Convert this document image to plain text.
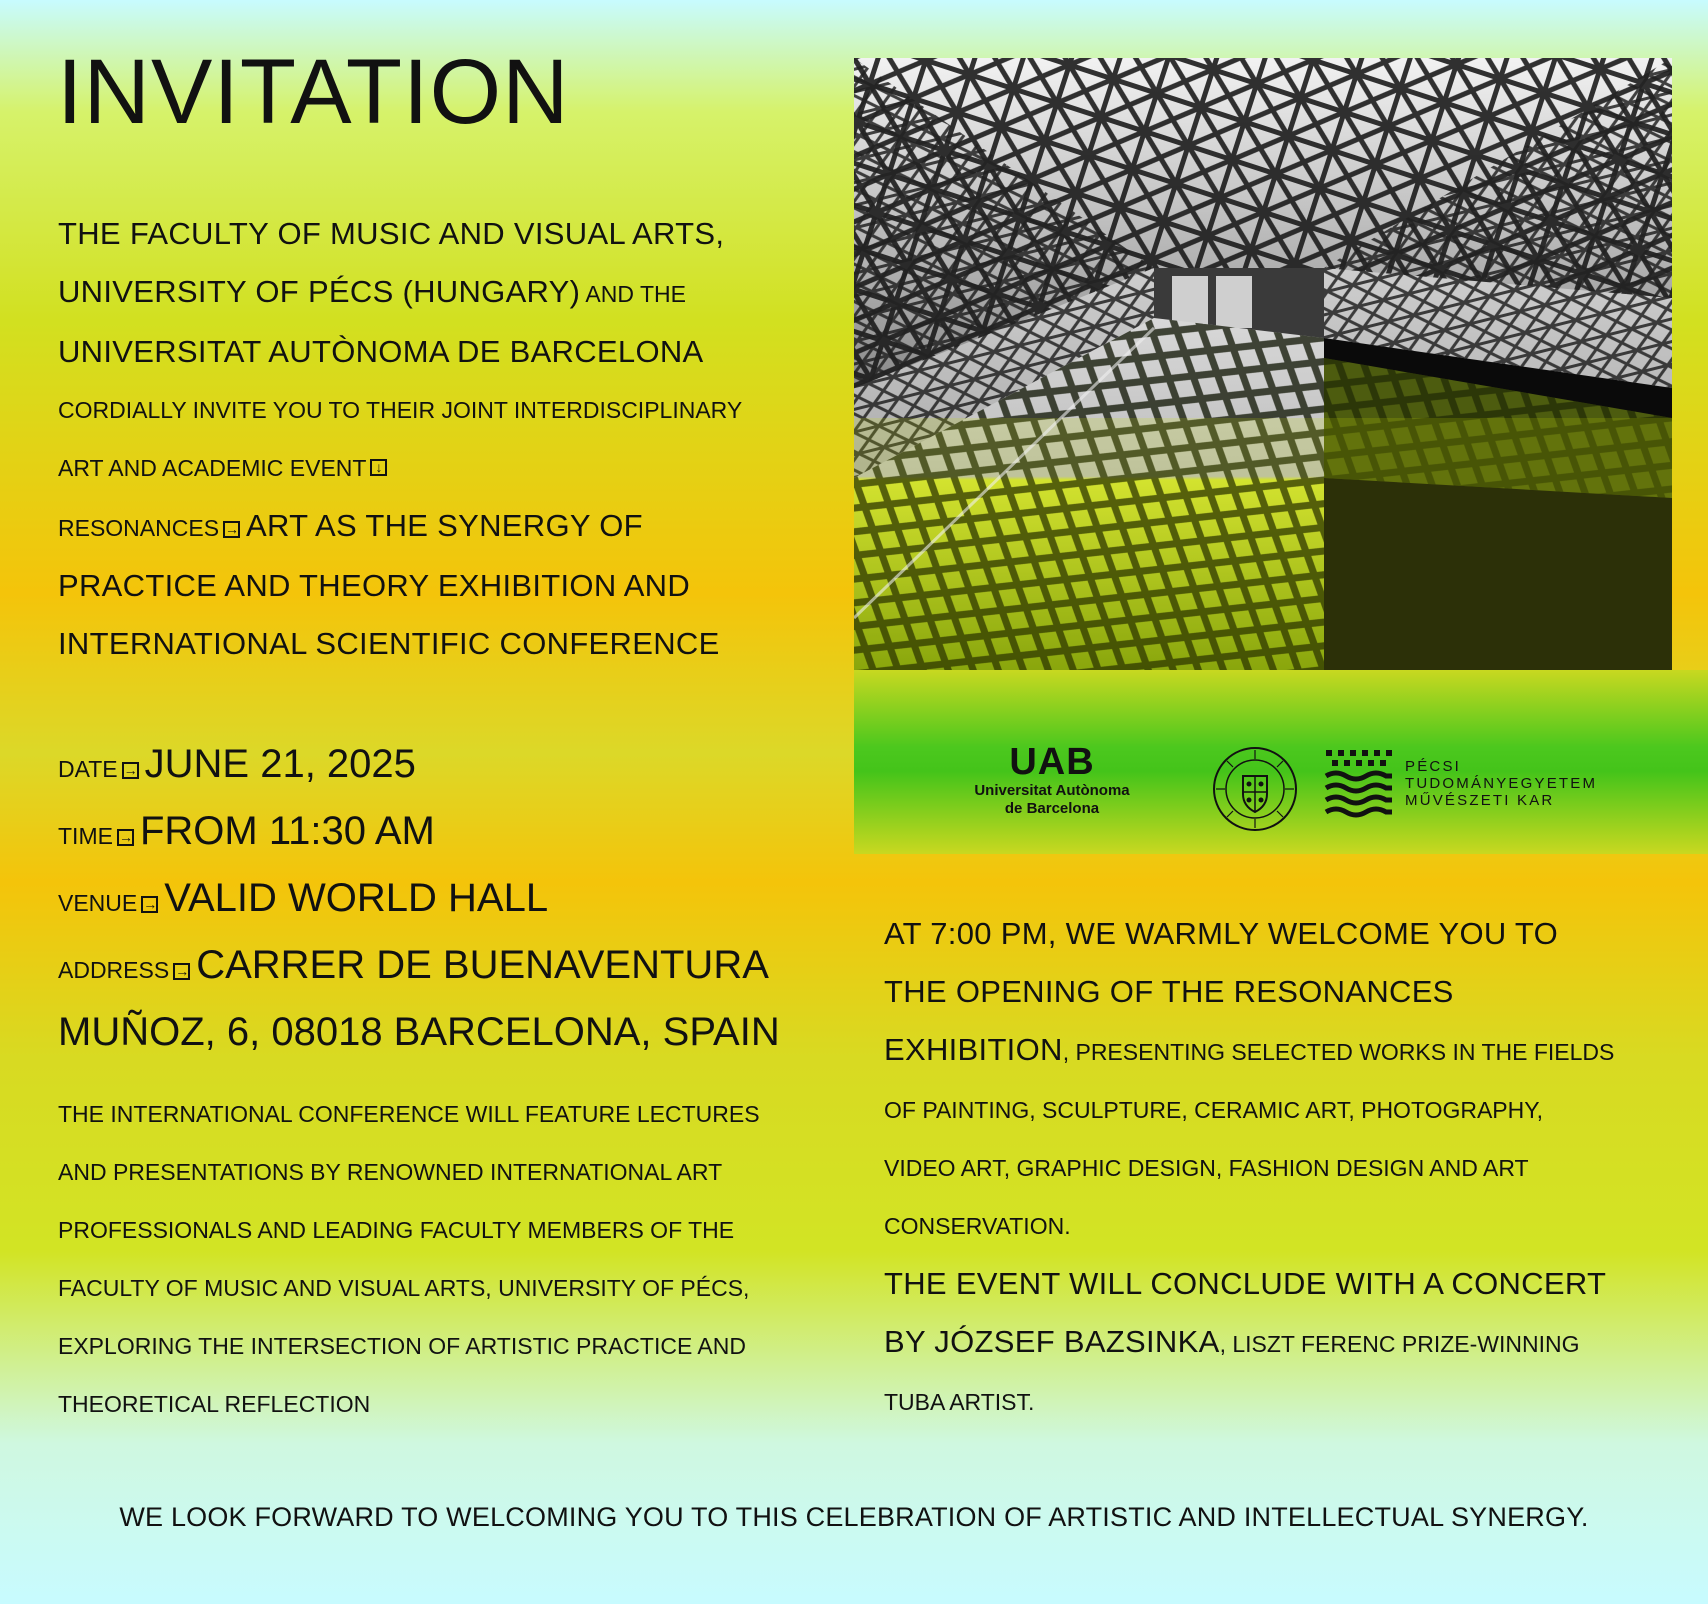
INVITATION
THE FACULTY OF MUSIC AND VISUAL ARTS,
UNIVERSITY OF PÉCS (HUNGARY) AND THE
UNIVERSITAT AUTÒNOMA DE BARCELONA
CORDIALLY INVITE YOU TO THEIR JOINT INTERDISCIPLINARY
ART AND ACADEMIC EVENT ↓
RESONANCES → ART AS THE SYNERGY OF
PRACTICE AND THEORY EXHIBITION AND
INTERNATIONAL SCIENTIFIC CONFERENCE
DATE → JUNE 21, 2025
TIME → FROM 11:30 AM
VENUE → VALID WORLD HALL
ADDRESS → CARRER DE BUENAVENTURA
MUÑOZ, 6, 08018 BARCELONA, SPAIN
THE INTERNATIONAL CONFERENCE WILL FEATURE LECTURES
AND PRESENTATIONS BY RENOWNED INTERNATIONAL ART
PROFESSIONALS AND LEADING FACULTY MEMBERS OF THE
FACULTY OF MUSIC AND VISUAL ARTS, UNIVERSITY OF PÉCS,
EXPLORING THE INTERSECTION OF ARTISTIC PRACTICE AND
THEORETICAL REFLECTION
UAB
Universitat Autònoma
de Barcelona
PÉCSI
TUDOMÁNYEGYETEM
MŰVÉSZETI KAR
AT 7:00 PM, WE WARMLY WELCOME YOU TO
THE OPENING OF THE RESONANCES
EXHIBITION, PRESENTING SELECTED WORKS IN THE FIELDS
OF PAINTING, SCULPTURE, CERAMIC ART, PHOTOGRAPHY,
VIDEO ART, GRAPHIC DESIGN, FASHION DESIGN AND ART
CONSERVATION.
THE EVENT WILL CONCLUDE WITH A CONCERT
BY JÓZSEF BAZSINKA, LISZT FERENC PRIZE-WINNING
TUBA ARTIST.
WE LOOK FORWARD TO WELCOMING YOU TO THIS CELEBRATION OF ARTISTIC AND INTELLECTUAL SYNERGY.
